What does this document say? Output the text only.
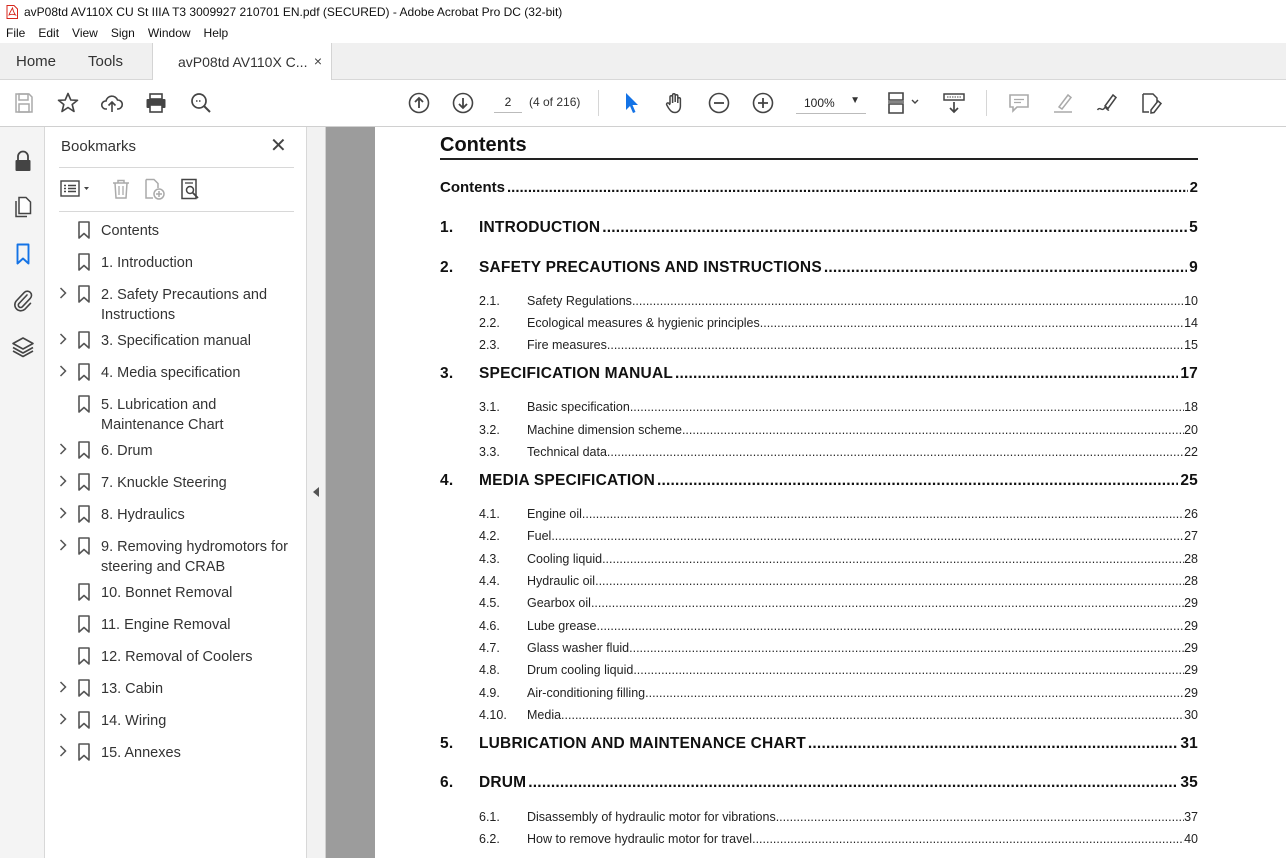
avP08td AV110X CU St IIIA T3 3009927 210701 EN.pdf (SECURED) - Adobe Acrobat Pro DC (32-bit)
File Edit View Sign Window Help
Home Tools	avP08td AV110X C... ×
2
(4 of 216)	100% ▼
Bookmarks	✕
Contents
1. Introduction
2. Safety Precautions and Instructions
3. Specification manual
4. Media specification
5. Lubrication and Maintenance Chart
6. Drum
7. Knuckle Steering
8. Hydraulics
9. Removing hydromotors for steering and CRAB
10. Bonnet Removal
11. Engine Removal
12. Removal of Coolers
13. Cabin
14. Wiring
15. Annexes
Contents
Contents .....	2
1. INTRODUCTION .....	5
2. SAFETY PRECAUTIONS AND INSTRUCTIONS .....	9
2.1. Safety Regulations .....	10
2.2. Ecological measures & hygienic principles .....	14
2.3. Fire measures .....	15
3. SPECIFICATION MANUAL .....	17
3.1. Basic specification .....	18
3.2. Machine dimension scheme .....	20
3.3. Technical data .....	22
4. MEDIA SPECIFICATION .....	25
4.1. Engine oil .....	26
4.2. Fuel .....	27
4.3. Cooling liquid .....	28
4.4. Hydraulic oil .....	28
4.5. Gearbox oil .....	29
4.6. Lube grease .....	29
4.7. Glass washer fluid .....	29
4.8. Drum cooling liquid .....	29
4.9. Air-conditioning filling .....	29
4.10. Media .....	30
5. LUBRICATION AND MAINTENANCE CHART .....	31
6. DRUM .....	35
6.1. Disassembly of hydraulic motor for vibrations .....	37
6.2. How to remove hydraulic motor for travel .....	40
